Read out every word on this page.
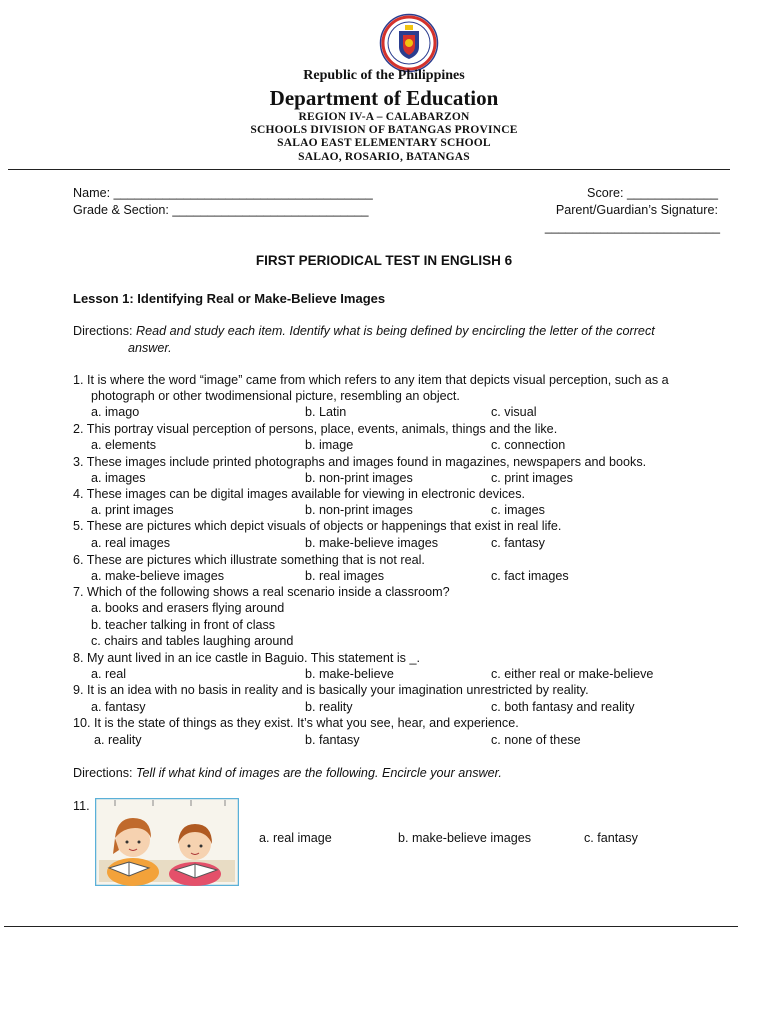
Republic of the Philippines
Department of Education
REGION IV-A – CALABARZON
SCHOOLS DIVISION OF BATANGAS PROVINCE
SALAO EAST ELEMENTARY SCHOOL
SALAO, ROSARIO, BATANGAS
Name: _____________________________________
Grade & Section: ____________________________
Score: _____________
Parent/Guardian’s Signature:
_________________________
FIRST PERIODICAL TEST IN ENGLISH 6
Lesson 1: Identifying Real or Make-Believe Images
Directions: Read and study each item. Identify what is being defined by encircling the letter of the correct
answer.
1. It is where the word “image” came from which refers to any item that depicts visual perception, such as a
photograph or other twodimensional picture, resembling an object.
a. imago	b. Latin	c. visual
2. This portray visual perception of persons, place, events, animals, things and the like.
a. elements	b. image	c. connection
3. These images include printed photographs and images found in magazines, newspapers and books.
a. images	b. non-print images	c. print images
4. These images can be digital images available for viewing in electronic devices.
a. print images	b. non-print images	c. images
5. These are pictures which depict visuals of objects or happenings that exist in real life.
a. real images	b. make-believe images	c. fantasy
6. These are pictures which illustrate something that is not real.
a. make-believe images	b. real images	c. fact images
7. Which of the following shows a real scenario inside a classroom?
a. books and erasers flying around
b. teacher talking in front of class
c. chairs and tables laughing around
8. My aunt lived in an ice castle in Baguio. This statement is _.
a. real	b. make-believe	c. either real or make-believe
9. It is an idea with no basis in reality and is basically your imagination unrestricted by reality.
a. fantasy	b. reality	c. both fantasy and reality
10. It is the state of things as they exist. It’s what you see, hear, and experience.
a. reality	b. fantasy	c. none of these
Directions: Tell if what kind of images are the following. Encircle your answer.
11.
a. real image	b. make-believe images	c. fantasy
